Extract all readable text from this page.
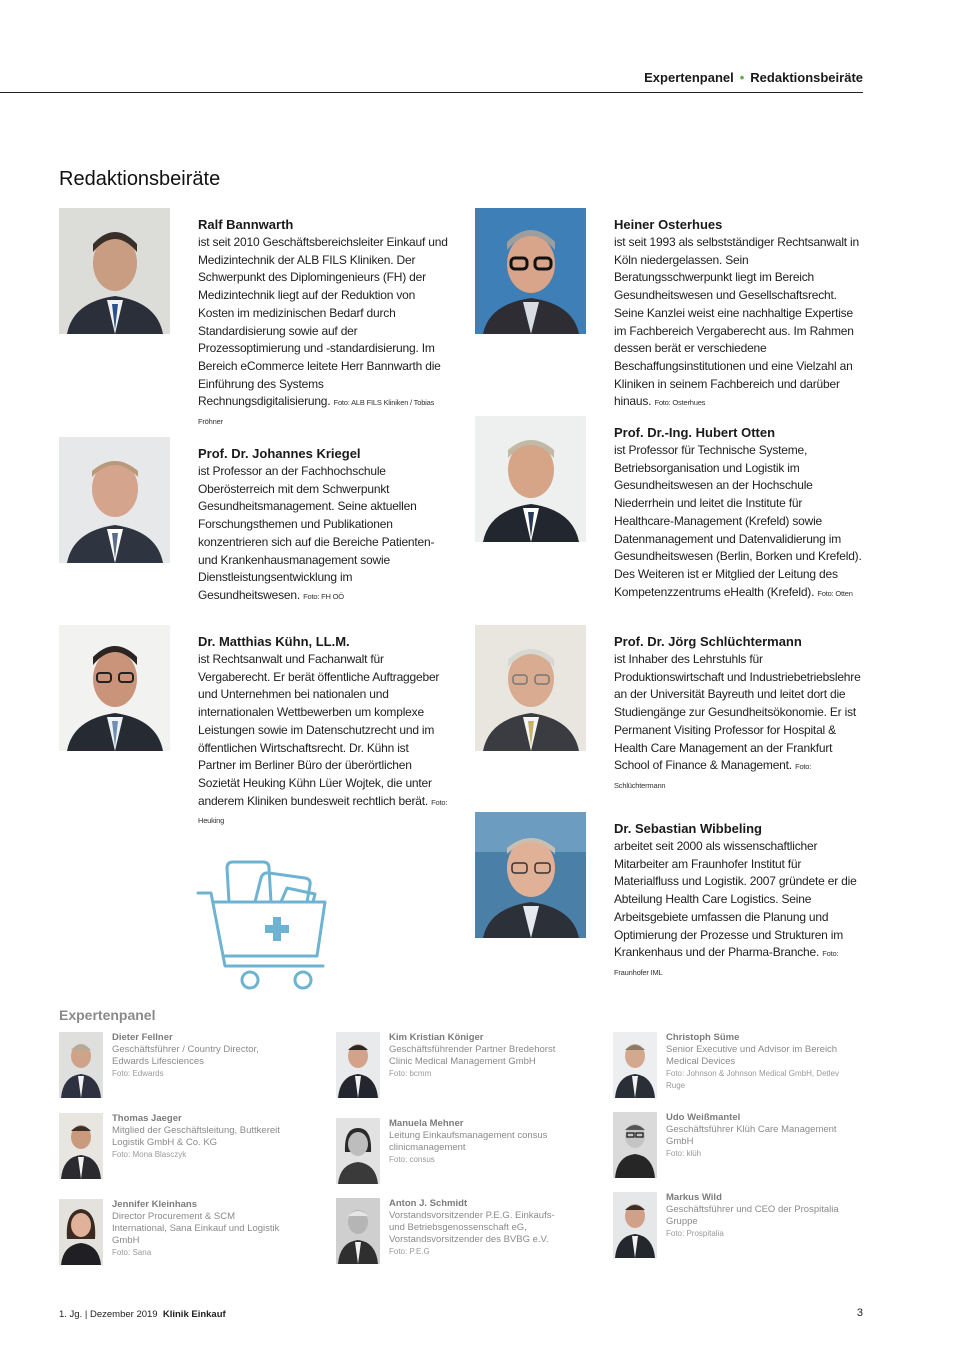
Expertenpanel • Redaktionsbeiräte
Redaktionsbeiräte
Ralf Bannwarth
ist seit 2010 Geschäftsbereichsleiter Einkauf und Medizintechnik der ALB FILS Kliniken. Der Schwerpunkt des Diplomingenieurs (FH) der Medizintechnik liegt auf der Reduktion von Kosten im medizinischen Bedarf durch Standardisierung sowie auf der Prozessoptimierung und -standardisierung. Im Bereich eCommerce leitete Herr Bannwarth die Einführung des Systems Rechnungsdigitalisierung. Foto: ALB FILS Kliniken / Tobias Fröhner
Prof. Dr. Johannes Kriegel
ist Professor an der Fachhochschule Oberösterreich mit dem Schwerpunkt Gesundheitsmanagement. Seine aktuellen Forschungsthemen und Publikationen konzentrieren sich auf die Bereiche Patienten- und Krankenhausmanagement sowie Dienstleistungsentwicklung im Gesundheitswesen. Foto: FH OÖ
Dr. Matthias Kühn, LL.M.
ist Rechtsanwalt und Fachanwalt für Vergaberecht. Er berät öffentliche Auftraggeber und Unternehmen bei nationalen und internationalen Wettbewerben um komplexe Leistungen sowie im Datenschutzrecht und im öffentlichen Wirtschaftsrecht. Dr. Kühn ist Partner im Berliner Büro der überörtlichen Sozietät Heuking Kühn Lüer Wojtek, die unter anderem Kliniken bundesweit rechtlich berät. Foto: Heuking
Heiner Osterhues
ist seit 1993 als selbstständiger Rechtsanwalt in Köln niedergelassen. Sein Beratungsschwerpunkt liegt im Bereich Gesundheitswesen und Gesellschaftsrecht. Seine Kanzlei weist eine nachhaltige Expertise im Fachbereich Vergaberecht aus. Im Rahmen dessen berät er verschiedene Beschaffungsinstitutionen und eine Vielzahl an Kliniken in seinem Fachbereich und darüber hinaus. Foto: Osterhues
Prof. Dr.-Ing. Hubert Otten
ist Professor für Technische Systeme, Betriebsorganisation und Logistik im Gesundheitswesen an der Hochschule Niederrhein und leitet die Institute für Healthcare-Management (Krefeld) sowie Datenmanagement und Datenvalidierung im Gesundheitswesen (Berlin, Borken und Krefeld). Des Weiteren ist er Mitglied der Leitung des Kompetenzzentrums eHealth (Krefeld). Foto: Otten
Prof. Dr. Jörg Schlüchtermann
ist Inhaber des Lehrstuhls für Produktionswirtschaft und Industriebetriebslehre an der Universität Bayreuth und leitet dort die Studiengänge zur Gesundheitsökonomie. Er ist Permanent Visiting Professor for Hospital & Health Care Management an der Frankfurt School of Finance & Management. Foto: Schlüchtermann
Dr. Sebastian Wibbeling
arbeitet seit 2000 als wissenschaftlicher Mitarbeiter am Fraunhofer Institut für Materialfluss und Logistik. 2007 gründete er die Abteilung Health Care Logistics. Seine Arbeitsgebiete umfassen die Planung und Optimierung der Prozesse und Strukturen im Krankenhaus und der Pharma-Branche. Foto: Fraunhofer IML
Expertenpanel
Dieter Fellner
Geschäftsführer / Country Director, Edwards Lifesciences
Foto: Edwards
Thomas Jaeger
Mitglied der Geschäftsleitung, Buttkereit Logistik GmbH & Co. KG
Foto: Mona Blasczyk
Jennifer Kleinhans
Director Procurement & SCM International, Sana Einkauf und Logistik GmbH
Foto: Sana
Kim Kristian Königer
Geschäftsführender Partner Bredehorst Clinic Medical Management GmbH
Foto: bcmm
Manuela Mehner
Leitung Einkaufsmanagement consus clinicmanagement
Foto: consus
Anton J. Schmidt
Vorstandsvorsitzender P.E.G. Einkaufs- und Betriebsgenossenschaft eG, Vorstandsvorsitzender des BVBG e.V.
Foto: P.E.G
Christoph Süme
Senior Executive und Advisor im Bereich Medical Devices
Foto: Johnson & Johnson Medical GmbH, Detlev Ruge
Udo Weißmantel
Geschäftsführer Klüh Care Management GmbH
Foto: klüh
Markus Wild
Geschäftsführer und CEO der Prospitalia Gruppe
Foto: Prospitalia
1. Jg. | Dezember 2019 Klinik Einkauf	3
